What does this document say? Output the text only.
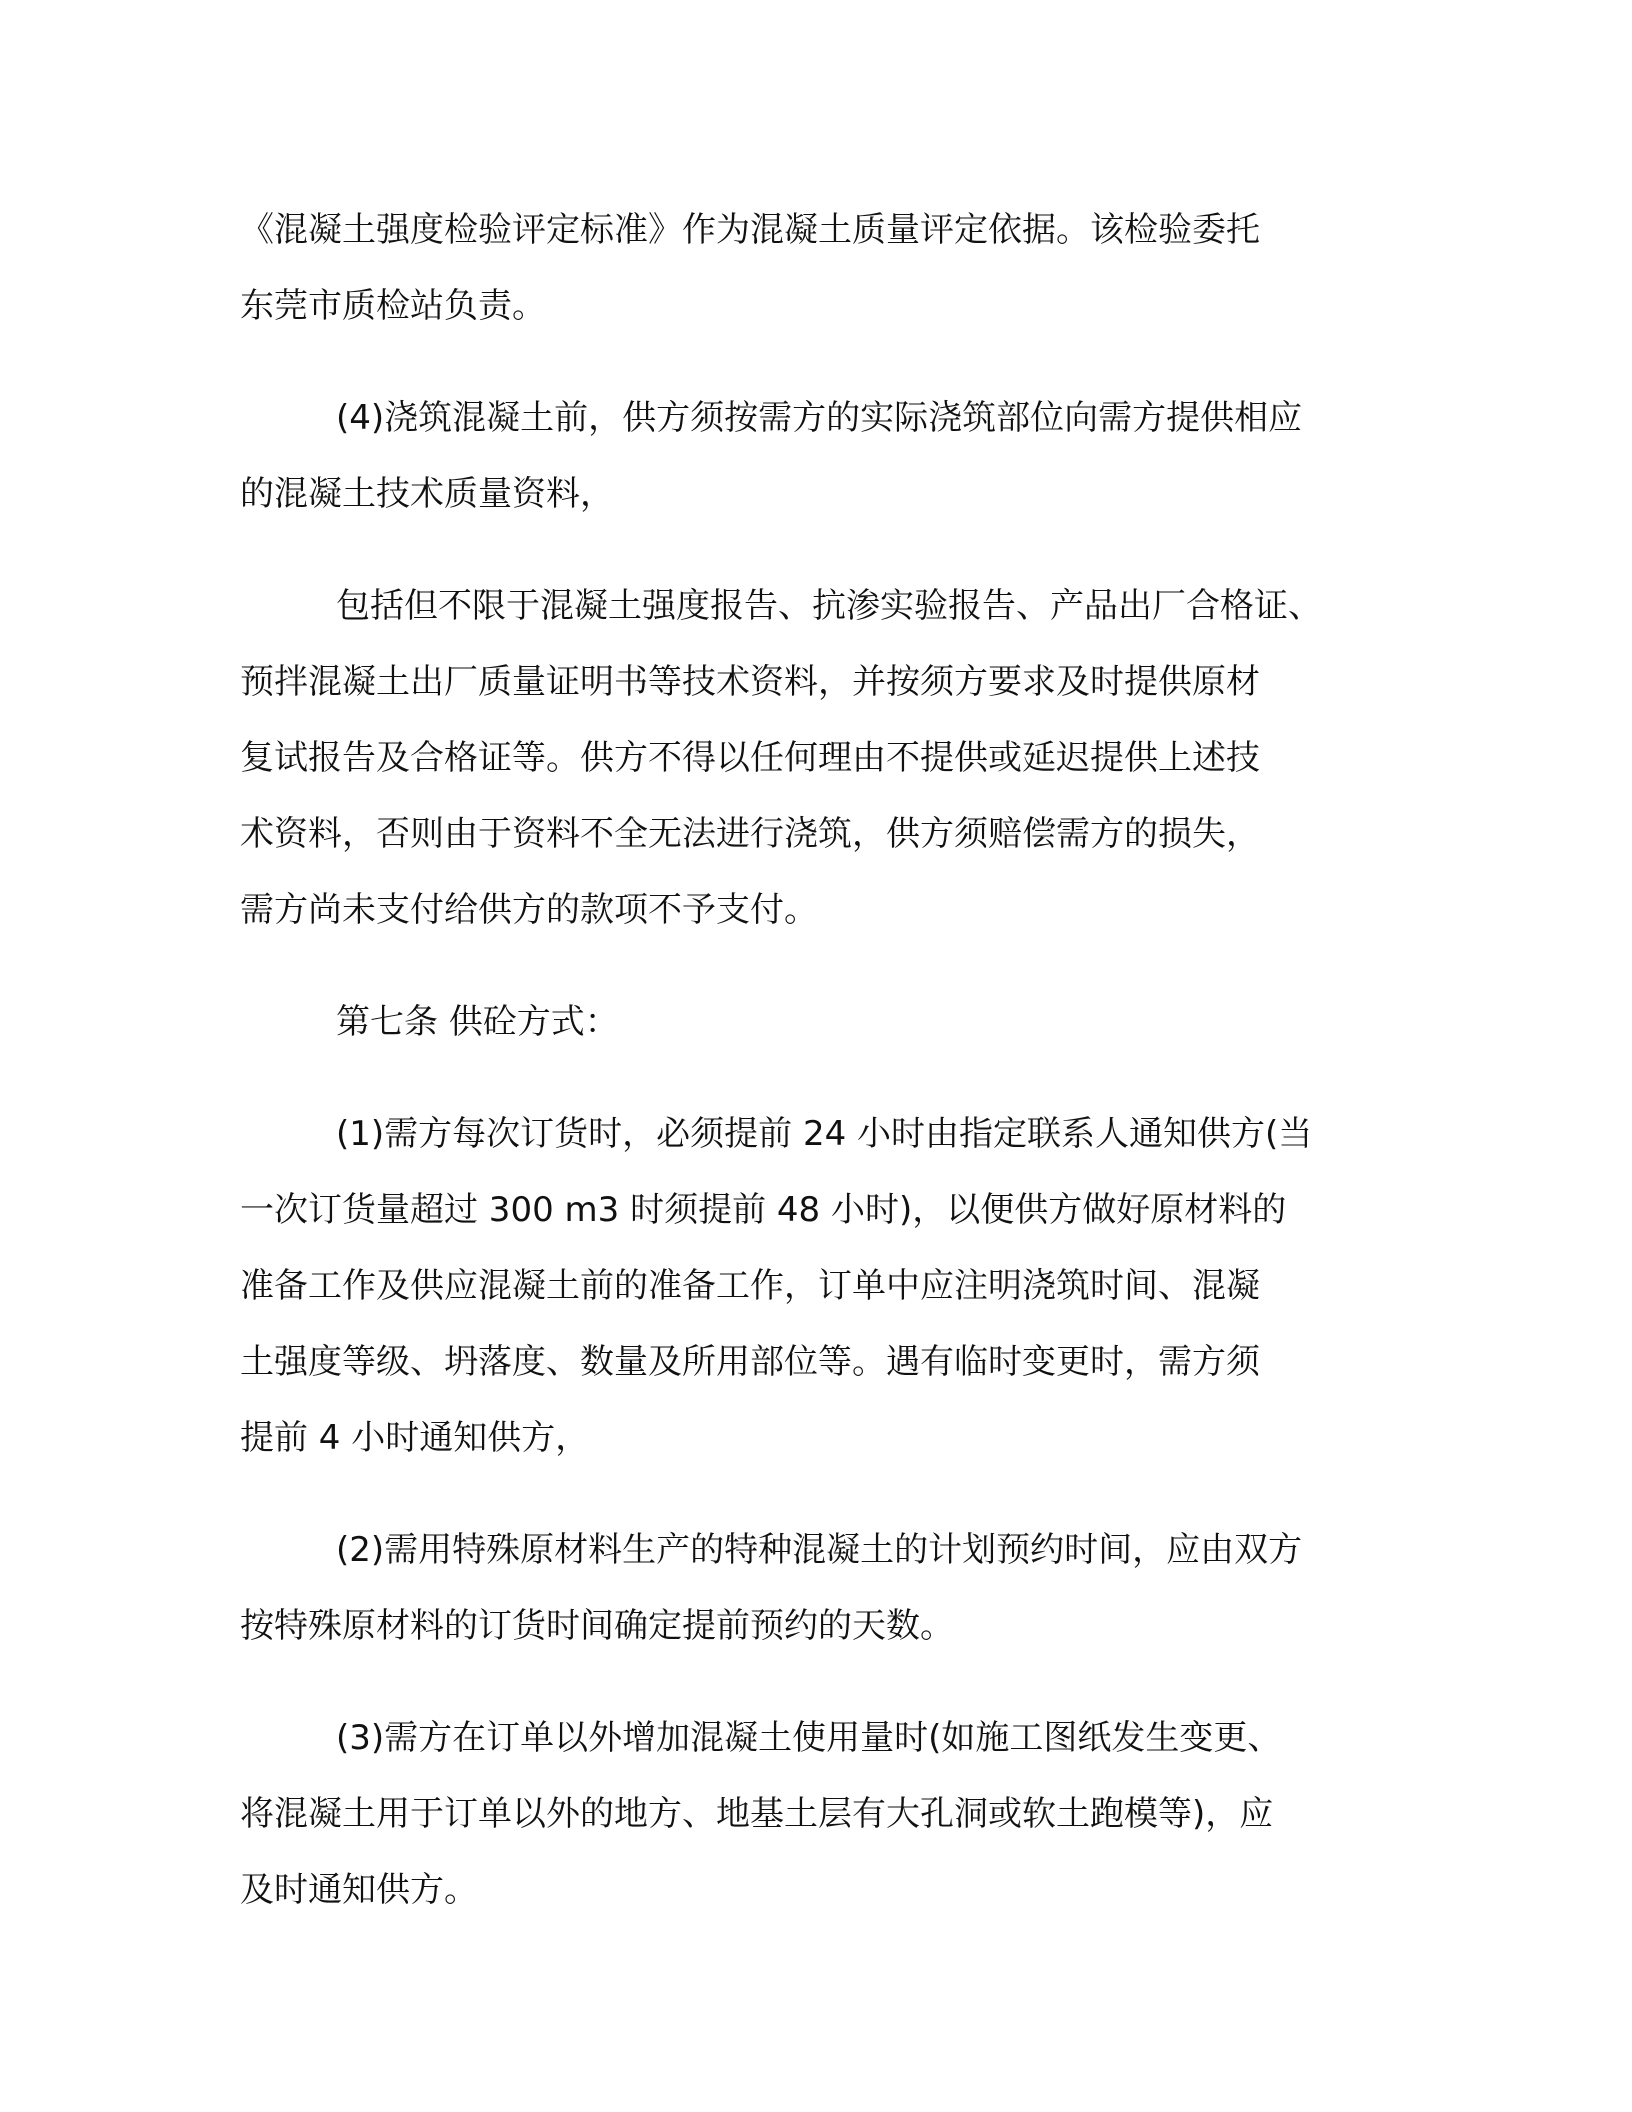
《混凝土强度检验评定标准》作为混凝土质量评定依据。该检验委托
东莞市质检站负责。
(4)浇筑混凝土前，供方须按需方的实际浇筑部位向需方提供相应
的混凝土技术质量资料，
包括但不限于混凝土强度报告、抗渗实验报告、产品出厂合格证、
预拌混凝土出厂质量证明书等技术资料，并按须方要求及时提供原材
复试报告及合格证等。供方不得以任何理由不提供或延迟提供上述技
术资料，否则由于资料不全无法进行浇筑，供方须赔偿需方的损失，
需方尚未支付给供方的款项不予支付。
第七条 供砼方式：
(1)需方每次订货时，必须提前 24 小时由指定联系人通知供方(当
一次订货量超过 300 m3 时须提前 48 小时)，以便供方做好原材料的
准备工作及供应混凝土前的准备工作，订单中应注明浇筑时间、混凝
土强度等级、坍落度、数量及所用部位等。遇有临时变更时，需方须
提前 4 小时通知供方，
(2)需用特殊原材料生产的特种混凝土的计划预约时间，应由双方
按特殊原材料的订货时间确定提前预约的天数。
(3)需方在订单以外增加混凝土使用量时(如施工图纸发生变更、
将混凝土用于订单以外的地方、地基土层有大孔洞或软土跑模等)，应
及时通知供方。
